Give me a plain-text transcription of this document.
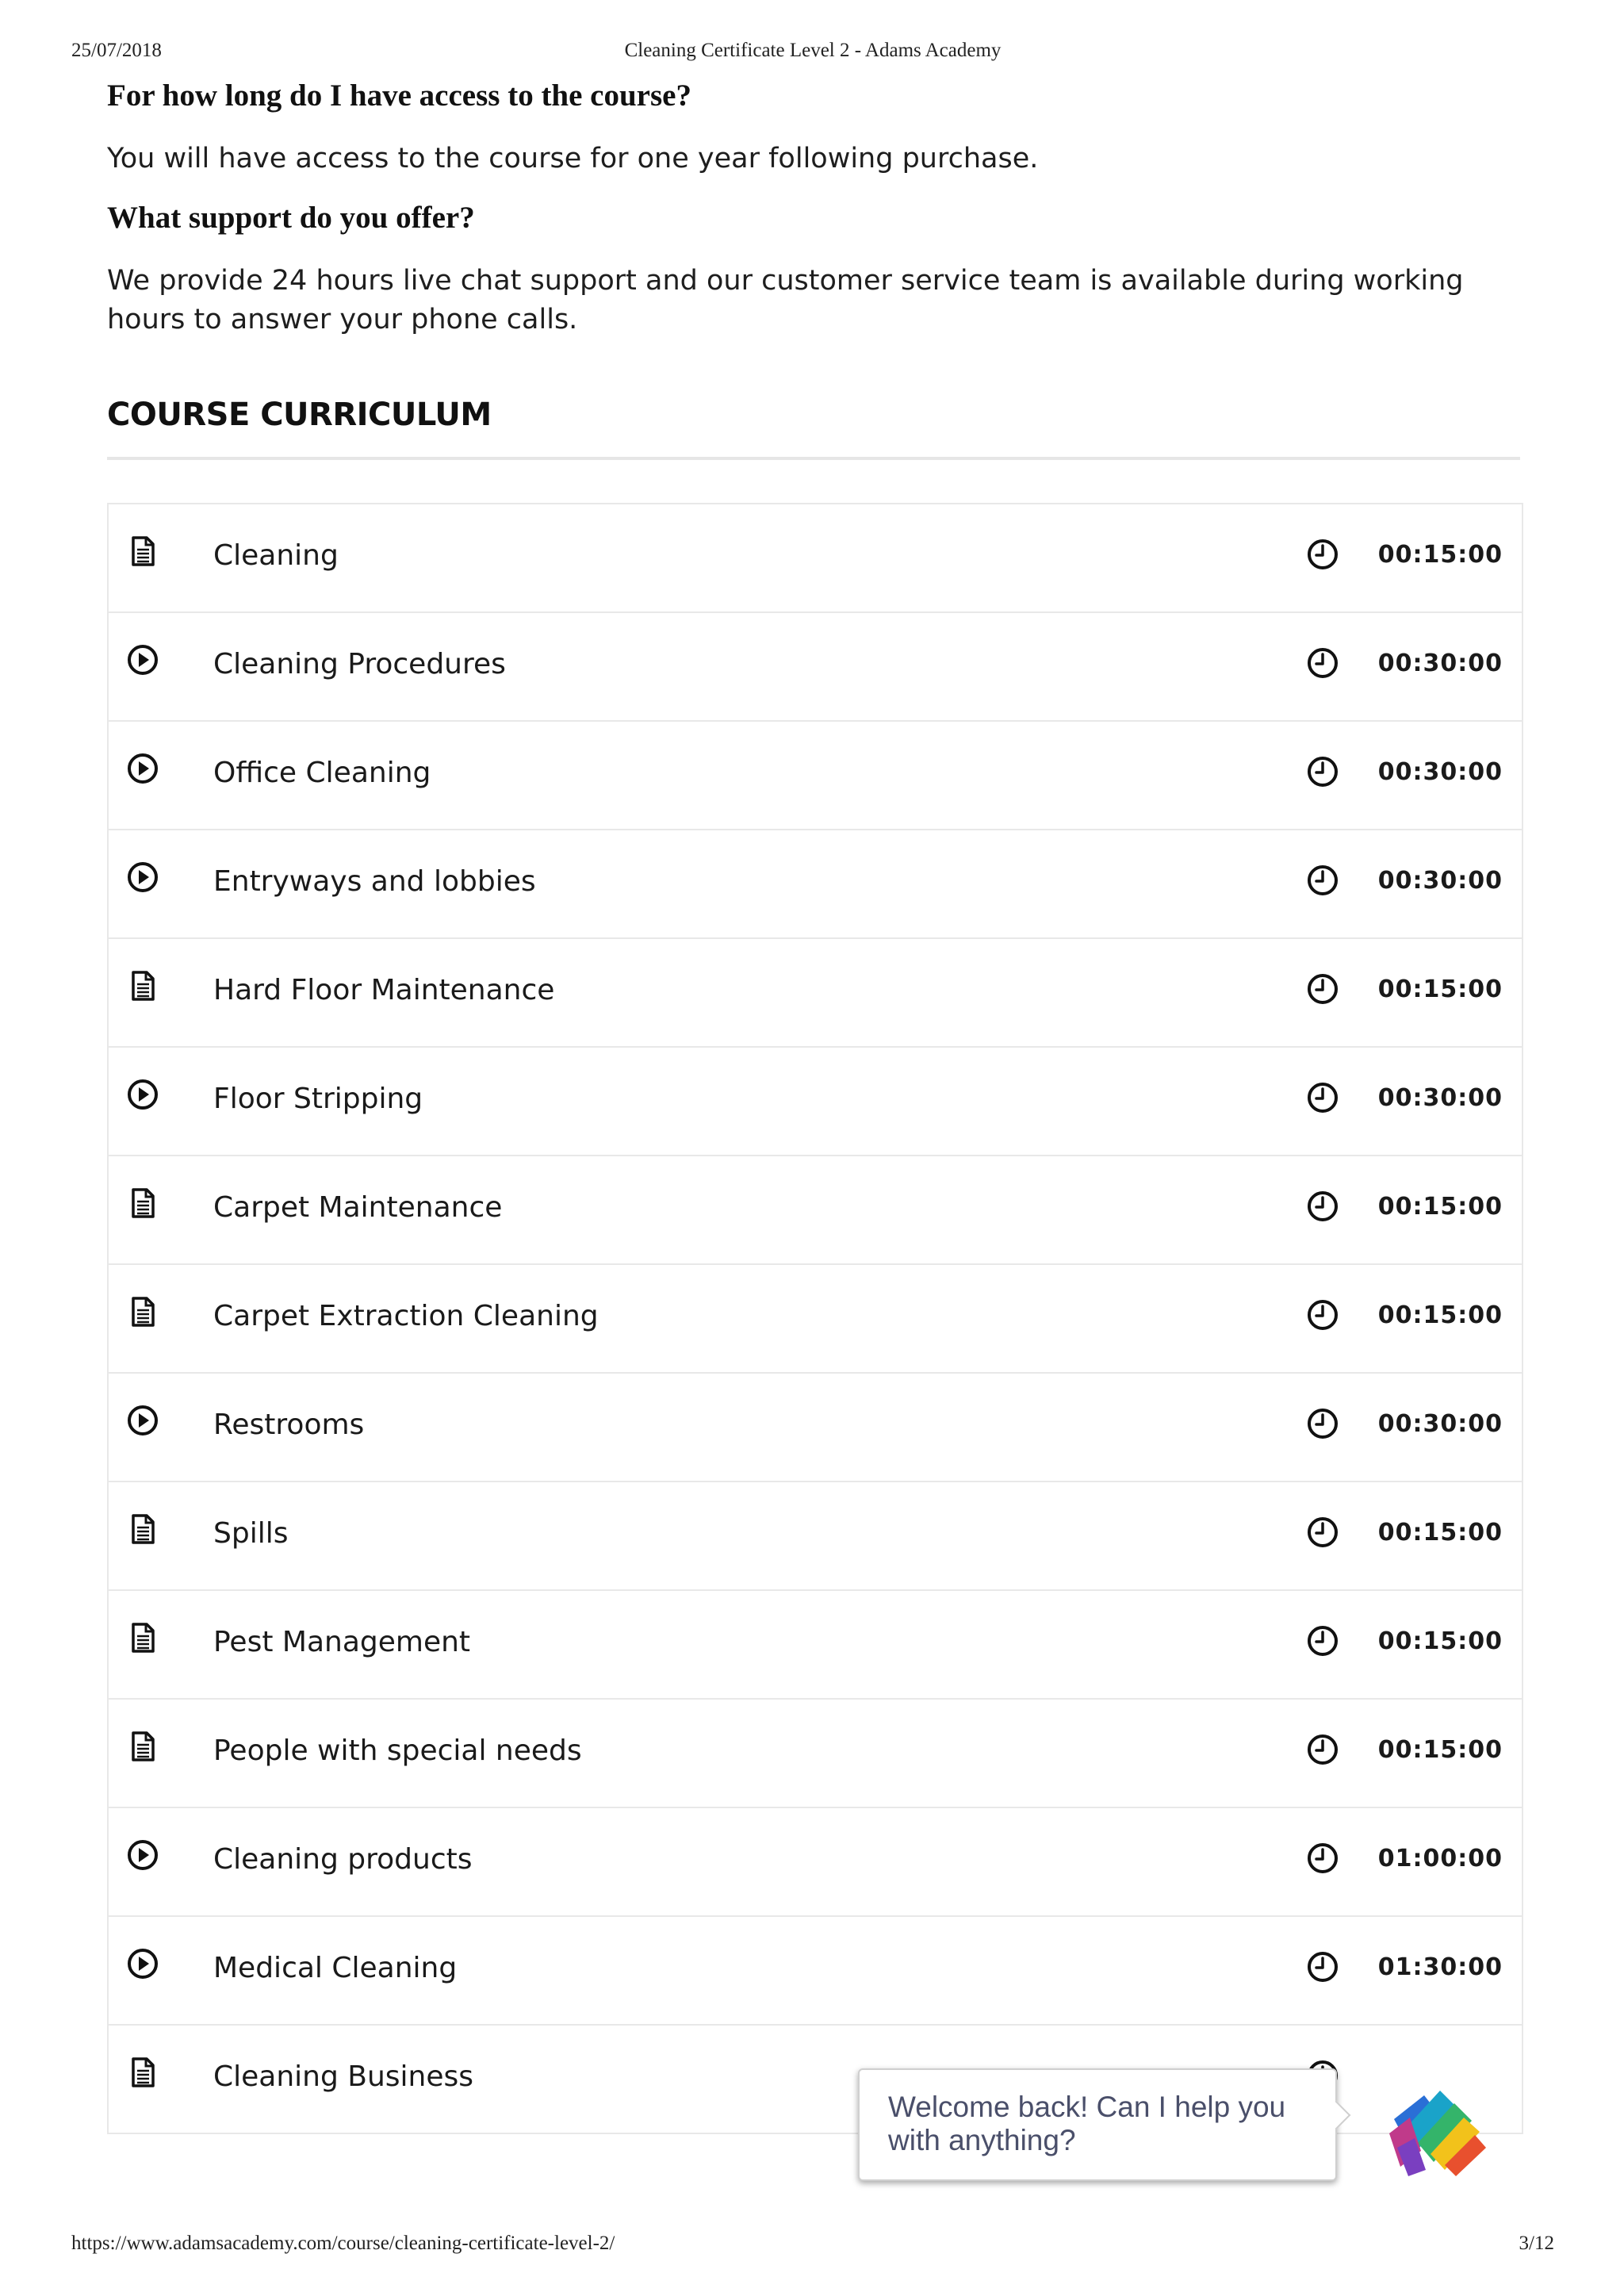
25/07/2018	Cleaning Certificate Level 2 - Adams Academy
For how long do I have access to the course?
You will have access to the course for one year following purchase.
What support do you offer?
We provide 24 hours live chat support and our customer service team is available during working hours to answer your phone calls.
COURSE CURRICULUM
Cleaning	00:15:00
Cleaning Procedures	00:30:00
Office Cleaning	00:30:00
Entryways and lobbies	00:30:00
Hard Floor Maintenance	00:15:00
Floor Stripping	00:30:00
Carpet Maintenance	00:15:00
Carpet Extraction Cleaning	00:15:00
Restrooms	00:30:00
Spills	00:15:00
Pest Management	00:15:00
People with special needs	00:15:00
Cleaning products	01:00:00
Medical Cleaning	01:30:00
Cleaning Business
Welcome back! Can I help you with anything?
https://www.adamsacademy.com/course/cleaning-certificate-level-2/	3/12
